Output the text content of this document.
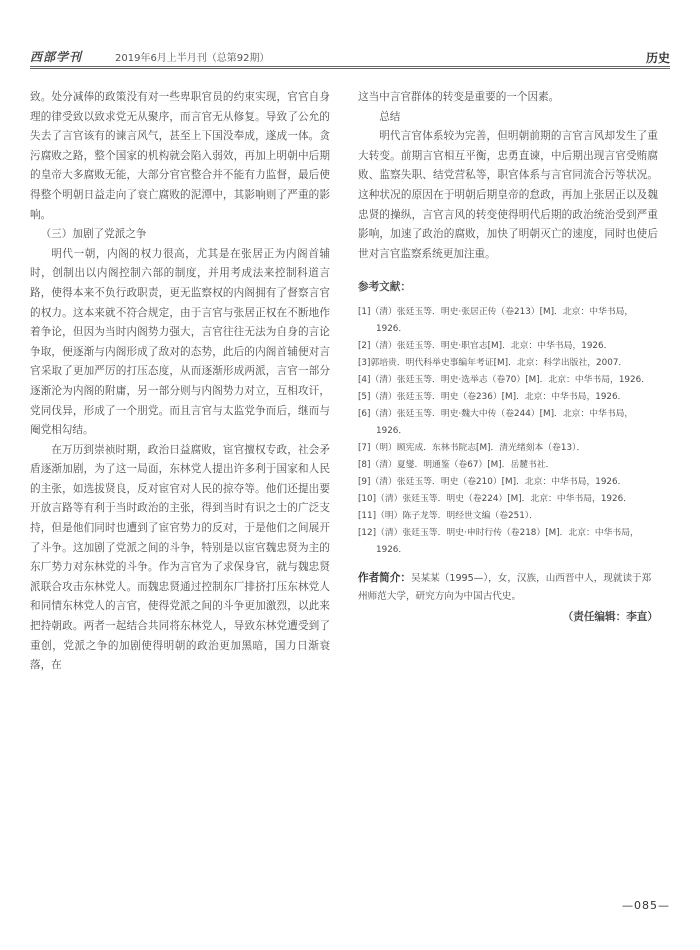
西部学刊	2019年6月上半月刊（总第92期）	历史

致。处分减俸的政策没有对一些卑职官员的约束实现，官官自身理的律受致以致求党无从聚序，而言官无从修复。导致了公允的失去了言官该有的谏言风气，甚至上下国没奉成，遂成一体。贪污腐败之路，整个国家的机构就会陷入弱效，再加上明朝中后期的皇帝大多腐败无能，大部分官官整合并不能有力监督，最后使得整个明朝日益走向了衰亡腐败的泥潭中，其影响则了严重的影响。

（三）加剧了党派之争

明代一朝，内阁的权力很高，尤其是在张居正为内阁首辅时，创制出以内阁控制六部的制度，并用考成法来控制科道言路，使得本来不负行政职责，更无监察权的内阁拥有了督察言官的权力。这本来就不符合规定，由于言官与张居正权在不断地作着争论，但因为当时内阁势力强大，言官往往无法为自身的言论争取，便逐渐与内阁形成了敌对的态势，此后的内阁首辅便对言官采取了更加严厉的打压态度，从而逐渐形成两派，言官一部分逐渐沦为内阁的附庸，另一部分则与内阁势力对立，互相攻讦，党同伐异，形成了一个朋党。而且言官与太监党争而后，继而与阉党相勾结。

在万历到崇祯时期，政治日益腐败，宦官擅权专政，社会矛盾逐渐加剧，为了这一局面，东林党人提出许多利于国家和人民的主张，如选拔贤良，反对宦官对人民的掠夺等。他们还提出要开放言路等有利于当时政治的主张，得到当时有识之士的广泛支持，但是他们同时也遭到了宦官势力的反对，于是他们之间展开了斗争。这加剧了党派之间的斗争，特别是以宦官魏忠贤为主的东厂势力对东林党的斗争。作为言官为了求保身官，就与魏忠贤派联合攻击东林党人。而魏忠贤通过控制东厂排挤打压东林党人和同情东林党人的言官，使得党派之间的斗争更加激烈，以此来把持朝政。两者一起结合共同将东林党人，导致东林党遭受到了重创，党派之争的加剧使得明朝的政治更加黑暗，国力日渐衰落，在

这当中言官群体的转变是重要的一个因素。

总结

明代言官体系较为完善，但明朝前期的言官言风却发生了重大转变。前期言官相互平衡，忠勇直谏，中后期出现言官受贿腐败、监察失职、结党营私等，职官体系与言官同流合污等状况。这种状况的原因在于明朝后期皇帝的怠政，再加上张居正以及魏忠贤的操纵，言官言风的转变使得明代后期的政治统治受到严重影响，加速了政治的腐败，加快了明朝灭亡的速度，同时也使后世对言官监察系统更加注重。

参考文献：
[1]（清）张廷玉等．明史·张居正传（卷213）[M]．北京：中华书局，1926．
[2]（清）张廷玉等．明史·职官志[M]．北京：中华书局，1926．
[3]郭培贵．明代科举史事编年考证[M]．北京：科学出版社，2007．
[4]（清）张廷玉等．明史·选举志（卷70）[M]．北京：中华书局，1926．
[5]（清）张廷玉等．明史（卷236）[M]．北京：中华书局，1926．
[6]（清）张廷玉等．明史·魏大中传（卷244）[M]．北京：中华书局，1926．
[7]（明）顾宪成．东林书院志[M]．清光绪刻本（卷13）．
[8]（清）夏燮．明通鉴（卷67）[M]．岳麓书社．
[9]（清）张廷玉等．明史（卷210）[M]．北京：中华书局，1926．
[10]（清）张廷玉等．明史（卷224）[M]．北京：中华书局，1926．
[11]（明）陈子龙等．明经世文编（卷251）．
[12]（清）张廷玉等．明史·申时行传（卷218）[M]．北京：中华书局，1926．
作者简介：吴某某（1995—），女，汉族，山西晋中人，现就读于郑州师范大学，研究方向为中国古代史。
（责任编辑：李直）
—085—
